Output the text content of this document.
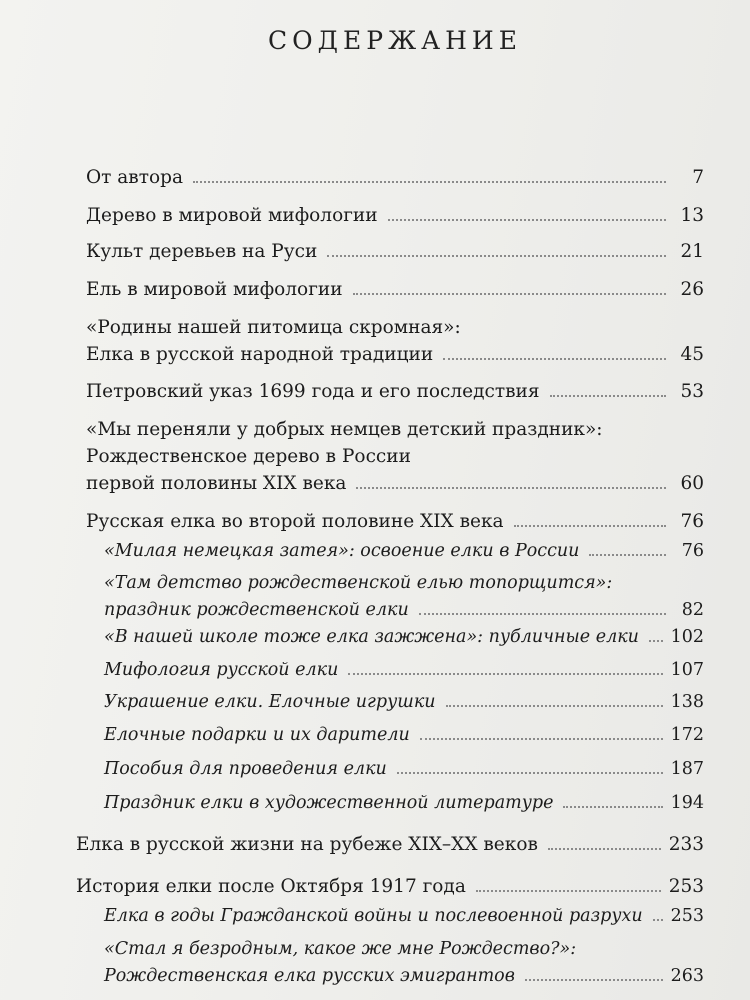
СОДЕРЖАНИЕ
От автора	7
Дерево в мировой мифологии	13
Культ деревьев на Руси	21
Ель в мировой мифологии	26
«Родины нашей питомица скромная»:
Елка в русской народной традиции	45
Петровский указ 1699 года и его последствия	53
«Мы переняли у добрых немцев детский праздник»:
Рождественское дерево в России
первой половины XIX века	60
Русская елка во второй половине XIX века	76
«Милая немецкая затея»: освоение елки в России	76
«Там детство рождественской елью топорщится»:
праздник рождественской елки	82
«В нашей школе тоже елка зажжена»: публичные елки 102
Мифология русской елки	107
Украшение елки. Елочные игрушки	138
Елочные подарки и их дарители	172
Пособия для проведения елки	187
Праздник елки в художественной литературе	194
Елка в русской жизни на рубеже XIX–XX веков	233
История елки после Октября 1917 года	253
Елка в годы Гражданской войны и послевоенной разрухи 253
«Стал я безродным, какое же мне Рождество?»:
Рождественская елка русских эмигрантов	263
